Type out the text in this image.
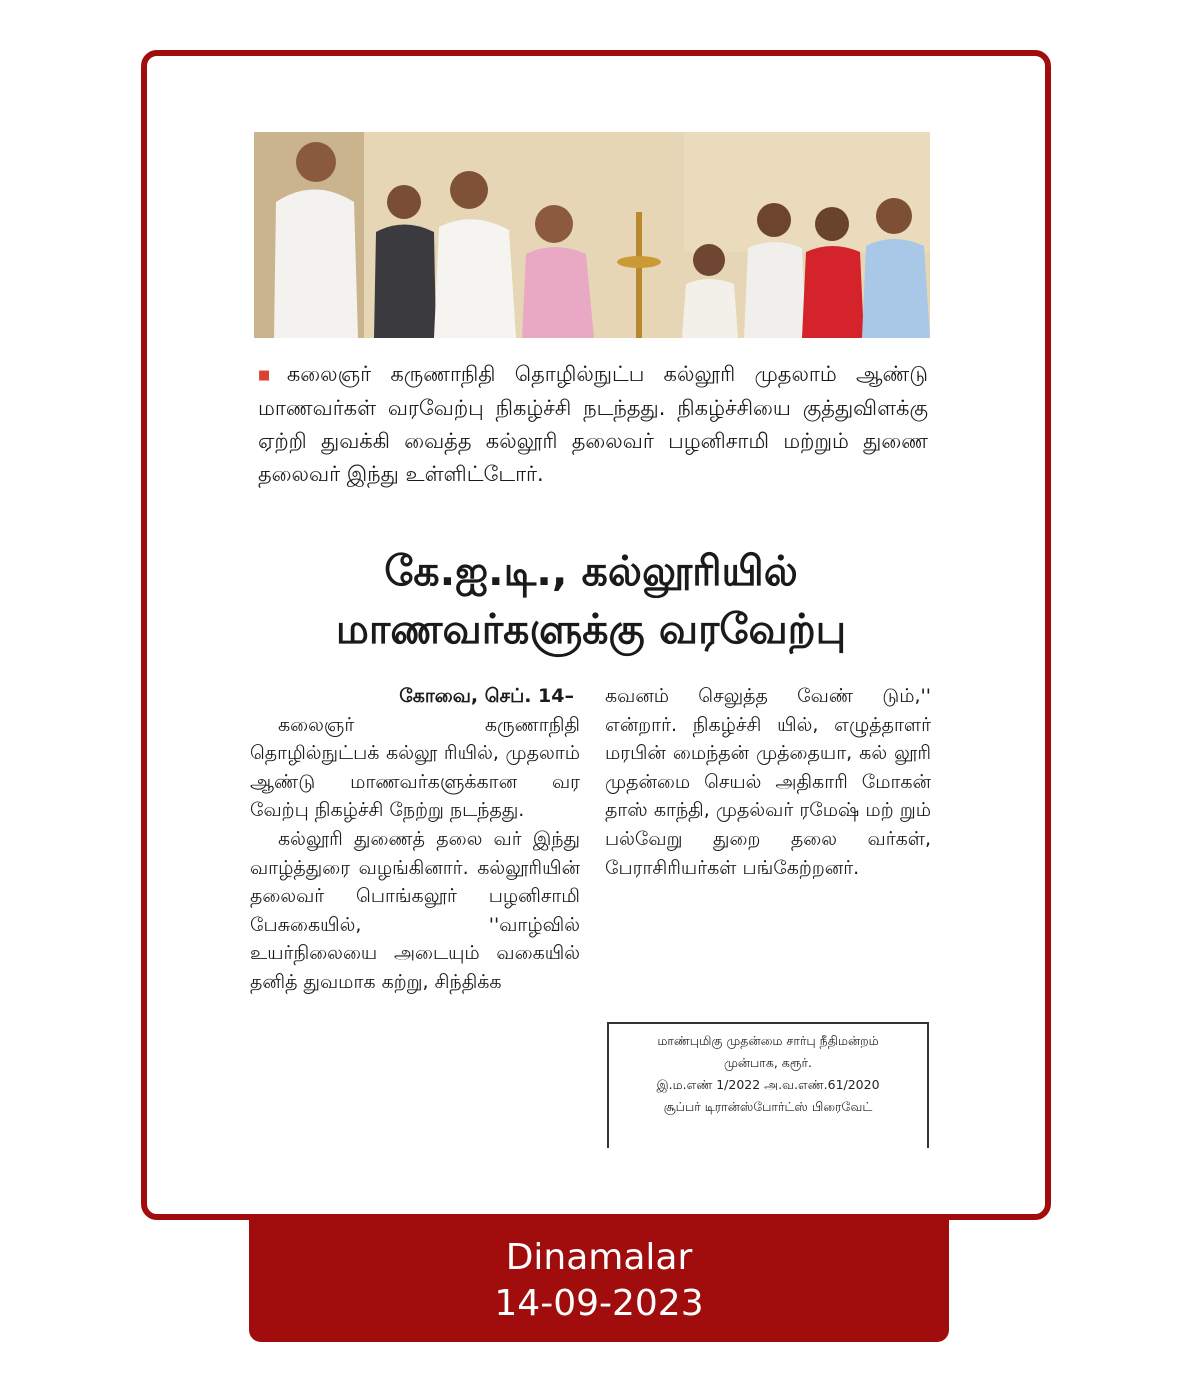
■ கலைஞர் கருணாநிதி தொழில்நுட்ப கல்லூரி முதலாம் ஆண்டு மாணவர்கள் வரவேற்பு நிகழ்ச்சி நடந்தது. நிகழ்ச்சியை குத்துவிளக்கு ஏற்றி துவக்கி வைத்த கல்லூரி தலைவர் பழனிசாமி மற்றும் துணை தலைவர் இந்து உள்ளிட்டோர்.
கே.ஐ.டி., கல்லூரியில்
மாணவர்களுக்கு வரவேற்பு
கோவை, செப். 14–
கலைஞர் கருணாநிதி தொழில்நுட்பக் கல்லூ ரியில், முதலாம் ஆண்டு மாணவர்களுக்கான வர வேற்பு நிகழ்ச்சி நேற்று நடந்தது.
கல்லூரி துணைத் தலை வர் இந்து வாழ்த்துரை வழங்கினார். கல்லூரியின் தலைவர் பொங்கலூர் பழனிசாமி பேசுகையில், ''வாழ்வில் உயர்நிலையை அடையும் வகையில் தனித் துவமாக கற்று, சிந்திக்க
கவனம் செலுத்த வேண் டும்,'' என்றார். நிகழ்ச்சி யில், எழுத்தாளர் மரபின் மைந்தன் முத்தையா, கல் லூரி முதன்மை செயல் அதிகாரி மோகன் தாஸ் காந்தி, முதல்வர் ரமேஷ் மற் றும் பல்வேறு துறை தலை வர்கள், பேராசிரியர்கள் பங்கேற்றனர்.
மாண்புமிகு முதன்மை சார்பு நீதிமன்றம்
முன்பாக, கரூர்.
இ.ம.எண் 1/2022 அ.வ.எண்.61/2020
சூப்பர் டிரான்ஸ்போர்ட்ஸ் பிரைவேட்
Dinamalar
14-09-2023
